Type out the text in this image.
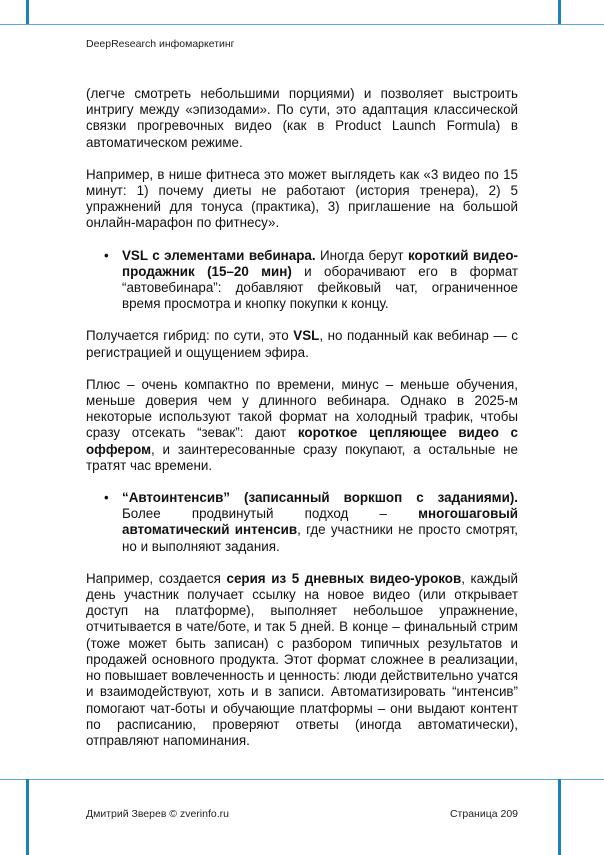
DeepResearch инфомаркетинг

(легче смотреть небольшими порциями) и позволяет выстроить интригу между «эпизодами». По сути, это адаптация классической связки прогревочных видео (как в Product Launch Formula) в автоматическом режиме.

Например, в нише фитнеса это может выглядеть как «3 видео по 15 минут: 1) почему диеты не работают (история тренера), 2) 5 упражнений для тонуса (практика), 3) приглашение на большой онлайн-марафон по фитнесу».

• VSL с элементами вебинара. Иногда берут короткий видео-продажник (15–20 мин) и оборачивают его в формат “автовебинара”: добавляют фейковый чат, ограниченное время просмотра и кнопку покупки к концу.

Получается гибрид: по сути, это VSL, но поданный как вебинар — с регистрацией и ощущением эфира.

Плюс – очень компактно по времени, минус – меньше обучения, меньше доверия чем у длинного вебинара. Однако в 2025-м некоторые используют такой формат на холодный трафик, чтобы сразу отсекать “зевак”: дают короткое цепляющее видео с оффером, и заинтересованные сразу покупают, а остальные не тратят час времени.

• “Автоинтенсив” (записанный воркшоп с заданиями). Более продвинутый подход – многошаговый автоматический интенсив, где участники не просто смотрят, но и выполняют задания.

Например, создается серия из 5 дневных видео-уроков, каждый день участник получает ссылку на новое видео (или открывает доступ на платформе), выполняет небольшое упражнение, отчитывается в чате/боте, и так 5 дней. В конце – финальный стрим (тоже может быть записан) с разбором типичных результатов и продажей основного продукта. Этот формат сложнее в реализации, но повышает вовлеченность и ценность: люди действительно учатся и взаимодействуют, хоть и в записи. Автоматизировать “интенсив” помогают чат-боты и обучающие платформы – они выдают контент по расписанию, проверяют ответы (иногда автоматически), отправляют напоминания.

Дмитрий Зверев © zverinfo.ru	Страница 209
